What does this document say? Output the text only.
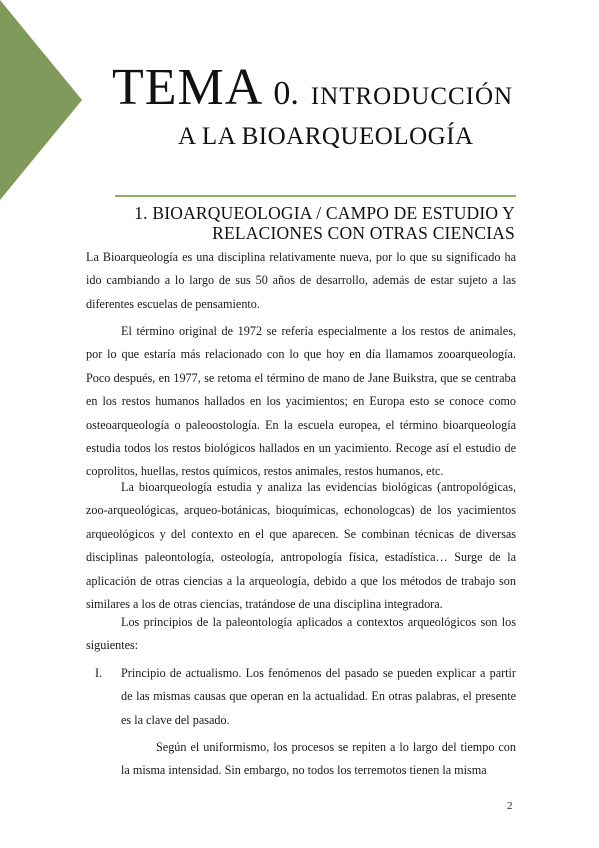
TEMA 0. INTRODUCCIÓN
A LA BIOARQUEOLOGÍA
1. BIOARQUEOLOGIA / CAMPO DE ESTUDIO Y RELACIONES CON OTRAS CIENCIAS
La Bioarqueología es una disciplina relativamente nueva, por lo que su significado ha ido cambiando a lo largo de sus 50 años de desarrollo, además de estar sujeto a las diferentes escuelas de pensamiento.
El término original de 1972 se refería especialmente a los restos de animales, por lo que estaría más relacionado con lo que hoy en día llamamos zooarqueología. Poco después, en 1977, se retoma el término de mano de Jane Buikstra, que se centraba en los restos humanos hallados en los yacimientos; en Europa esto se conoce como osteoarqueología o paleoostología. En la escuela europea, el término bioarqueología estudia todos los restos biológicos hallados en un yacimiento. Recoge así el estudio de coprolitos, huellas, restos químicos, restos animales, restos humanos, etc.
La bioarqueología estudia y analiza las evidencias biológicas (antropológicas, zoo-arqueológicas, arqueo-botánicas, bioquímicas, echonologcas) de los yacimientos arqueológicos y del contexto en el que aparecen. Se combinan técnicas de diversas disciplinas paleontología, osteología, antropología física, estadística… Surge de la aplicación de otras ciencias a la arqueología, debido a que los métodos de trabajo son similares a los de otras ciencias, tratándose de una disciplina integradora.
Los principios de la paleontología aplicados a contextos arqueológicos son los siguientes:
I. Principio de actualismo. Los fenómenos del pasado se pueden explicar a partir de las mismas causas que operan en la actualidad. En otras palabras, el presente es la clave del pasado.
Según el uniformismo, los procesos se repiten a lo largo del tiempo con la misma intensidad. Sin embargo, no todos los terremotos tienen la misma
2
